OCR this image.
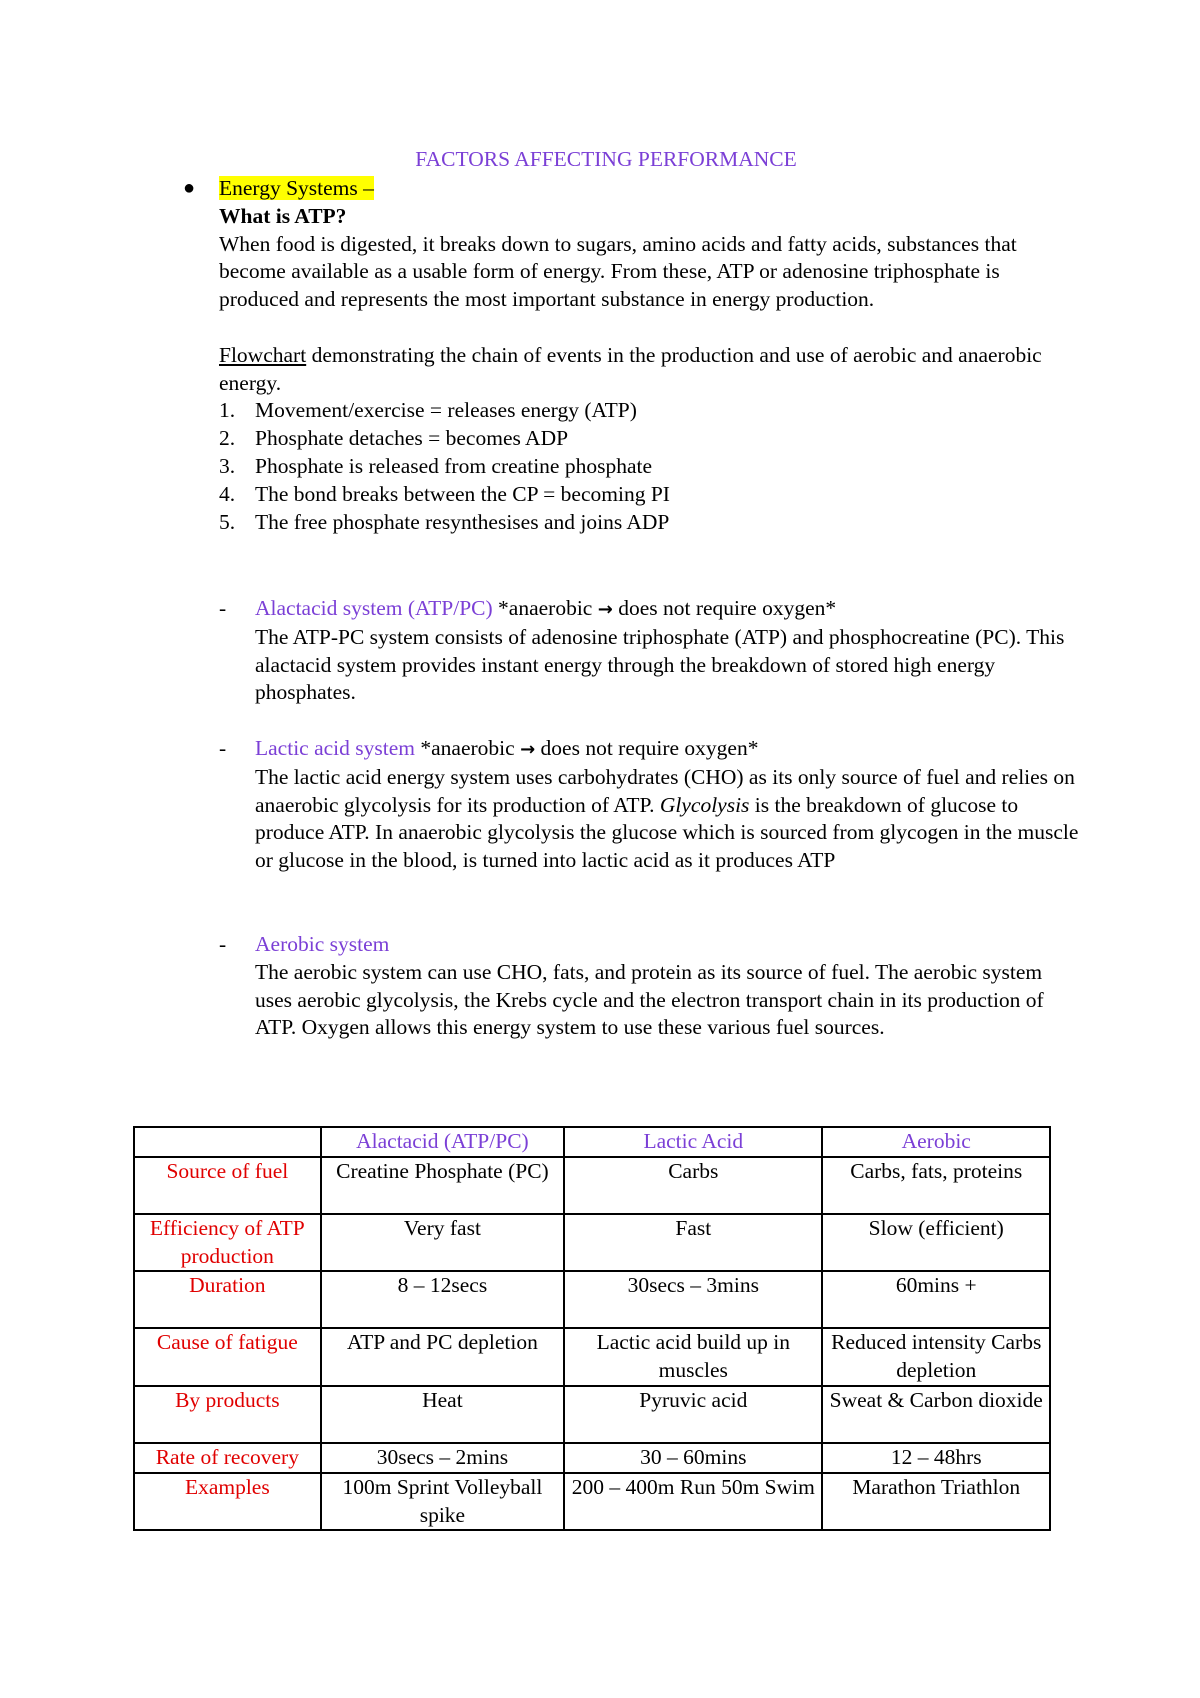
FACTORS AFFECTING PERFORMANCE
● Energy Systems –
What is ATP?
When food is digested, it breaks down to sugars, amino acids and fatty acids, substances that become available as a usable form of energy. From these, ATP or adenosine triphosphate is produced and represents the most important substance in energy production.
Flowchart demonstrating the chain of events in the production and use of aerobic and anaerobic energy.
1. Movement/exercise = releases energy (ATP)
2. Phosphate detaches = becomes ADP
3. Phosphate is released from creatine phosphate
4. The bond breaks between the CP = becoming PI
5. The free phosphate resynthesises and joins ADP
- Alactacid system (ATP/PC) *anaerobic → does not require oxygen*
The ATP-PC system consists of adenosine triphosphate (ATP) and phosphocreatine (PC). This alactacid system provides instant energy through the breakdown of stored high energy phosphates.
- Lactic acid system *anaerobic → does not require oxygen*
The lactic acid energy system uses carbohydrates (CHO) as its only source of fuel and relies on anaerobic glycolysis for its production of ATP. Glycolysis is the breakdown of glucose to produce ATP. In anaerobic glycolysis the glucose which is sourced from glycogen in the muscle or glucose in the blood, is turned into lactic acid as it produces ATP
- Aerobic system
The aerobic system can use CHO, fats, and protein as its source of fuel. The aerobic system uses aerobic glycolysis, the Krebs cycle and the electron transport chain in its production of ATP. Oxygen allows this energy system to use these various fuel sources.
	Alactacid (ATP/PC)	Lactic Acid	Aerobic
Source of fuel	Creatine Phosphate (PC)	Carbs	Carbs, fats, proteins
Efficiency of ATP production	Very fast	Fast	Slow (efficient)
Duration	8 – 12secs	30secs – 3mins	60mins +
Cause of fatigue	ATP and PC depletion	Lactic acid build up in muscles	Reduced intensity Carbs depletion
By products	Heat	Pyruvic acid	Sweat & Carbon dioxide
Rate of recovery	30secs – 2mins	30 – 60mins	12 – 48hrs
Examples	100m Sprint Volleyball spike	200 – 400m Run 50m Swim	Marathon Triathlon
